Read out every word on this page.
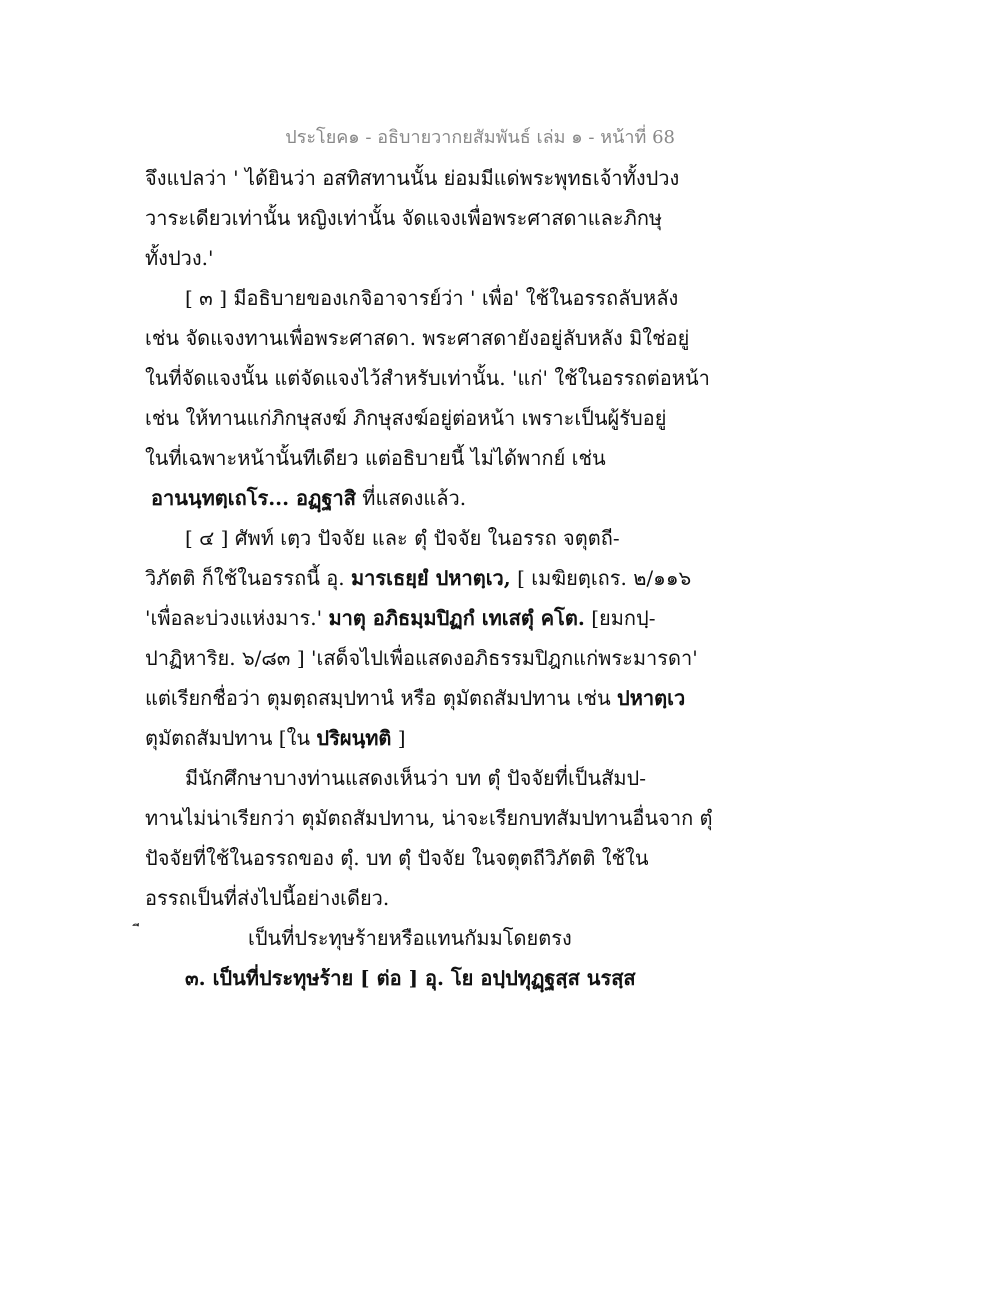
ประโยค๑ - อธิบายวากยสัมพันธ์ เล่ม ๑ - หน้าที่ 68
จึงแปลว่า ' ได้ยินว่า อสทิสทานนั้น ย่อมมีแด่พระพุทธเจ้าทั้งปวง
วาระเดียวเท่านั้น หญิงเท่านั้น จัดแจงเพื่อพระศาสดาและภิกษุ
ทั้งปวง.'
[ ๓ ] มีอธิบายของเกจิอาจารย์ว่า ' เพื่อ' ใช้ในอรรถลับหลัง
เช่น จัดแจงทานเพื่อพระศาสดา. พระศาสดายังอยู่ลับหลัง มิใช่อยู่
ในที่จัดแจงนั้น แต่จัดแจงไว้สำหรับเท่านั้น. 'แก่' ใช้ในอรรถต่อหน้า
เช่น ให้ทานแก่ภิกษุสงฆ์ ภิกษุสงฆ์อยู่ต่อหน้า เพราะเป็นผู้รับอยู่
ในที่เฉพาะหน้านั้นทีเดียว แต่อธิบายนี้ ไม่ได้พากย์ เช่น
อานนฺทตฺเถโร... อฏฺฐาสิ ที่แสดงแล้ว.
[ ๔ ] ศัพท์ เตฺว ปัจจัย และ ตุํ ปัจจัย ในอรรถ จตุตถี-
วิภัตติ ก็ใช้ในอรรถนี้ อุ. มารเธยฺยํ ปหาตฺเว, [ เมฆิยตฺเถร. ๒/๑๑๖
'เพื่อละบ่วงแห่งมาร.' มาตุ อภิธมฺมปิฏกํ เทเสตุํ คโต. [ยมกปฺ-
ปาฏิหาริย. ๖/๘๓ ] 'เสด็จไปเพื่อแสดงอภิธรรมปิฎกแก่พระมารดา'
แต่เรียกชื่อว่า ตุมตฺถสมฺปทานํ หรือ ตุมัตถสัมปทาน เช่น ปหาตฺเว
ตุมัตถสัมปทาน [ใน ปริผนฺทติ ]
มีนักศึกษาบางท่านแสดงเห็นว่า บท ตุํ ปัจจัยที่เป็นสัมป-
ทานไม่น่าเรียกว่า ตุมัตถสัมปทาน, น่าจะเรียกบทสัมปทานอื่นจาก ตุํ
ปัจจัยที่ใช้ในอรรถของ ตุํ. บท ตุํ ปัจจัย ในจตุตถีวิภัตติ ใช้ใน
อรรถเป็นที่ส่งไปนี้อย่างเดียว.
เป็นที่ประทุษร้ายหรือแทนกัมมโดยตรง
๓. เป็นที่ประทุษร้าย [ ต่อ ] อุ. โย อปฺปทุฏฺฐสฺส นรสฺส
